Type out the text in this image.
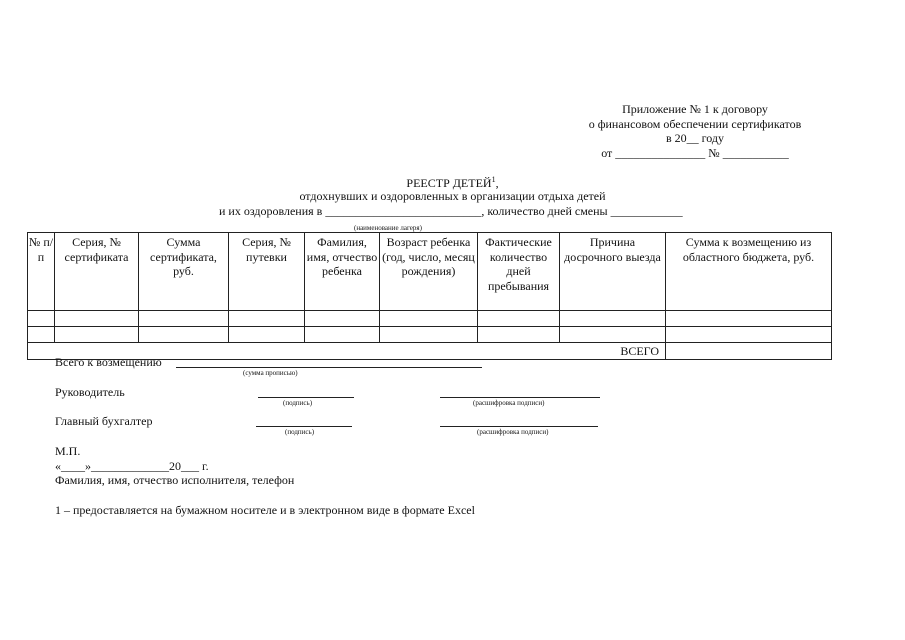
Приложение № 1 к договору
о финансовом обеспечении сертификатов
в 20__ году
от _______________ № ___________
РЕЕСТР ДЕТЕЙ$^1$,
отдохнувших и оздоровленных в организации отдыха детей
и их оздоровления в __________________________, количество дней смены ____________
(наименование лагеря)
№ п/п	Серия, № сертификата	Сумма сертификата, руб.	Серия, № путевки	Фамилия, имя, отчество ребенка	Возраст ребенка (год, число, месяц рождения)	Фактические количество дней пребывания	Причина досрочного выезда	Сумма к возмещению из областного бюджета, руб.

ВСЕГО								
Всего к возмещению
(сумма прописью)
Руководитель
(подпись)	(расшифровка подписи)
Главный бухгалтер
(подпись)	(расшифровка подписи)
М.П.
«____»_____________20___ г.
Фамилия, имя, отчество исполнителя, телефон
1 – предоставляется на бумажном носителе и в электронном виде в формате Excel
